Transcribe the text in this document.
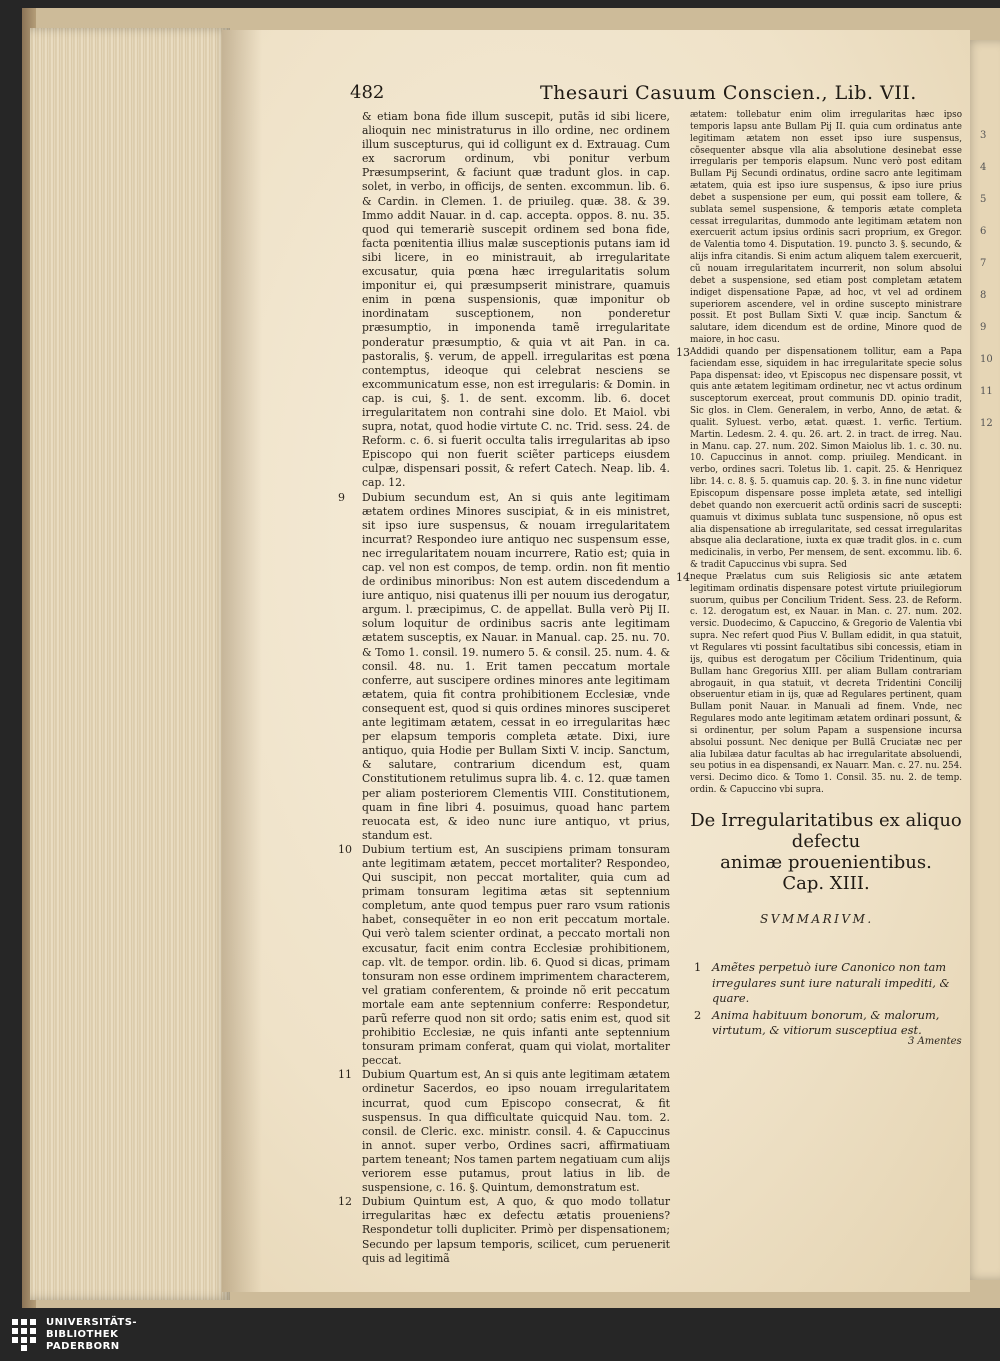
3
4
5
6
7
8
9
10
11
12
482	Thesauri Casuum Conscien., Lib. VII.

& etiam bona fide illum suscepit, putãs id sibi licere, alioquin nec ministraturus in illo ordine, nec ordinem illum suscepturus, qui id colligunt ex d. Extrauag. Cum ex sacrorum ordinum, vbi ponitur verbum Præsumpserint, & faciunt quæ tradunt glos. in cap. solet, in verbo, in officijs, de senten. excommun. lib. 6. & Cardin. in Clemen. 1. de priuileg. quæ. 38. & 39. Immo addit Nauar. in d. cap. accepta. oppos. 8. nu. 35. quod qui temerariè suscepit ordinem sed bona fide, facta pœnitentia illius malæ susceptionis putans iam id sibi licere, in eo ministrauit, ab irregularitate excusatur, quia pœna hæc irregularitatis solum imponitur ei, qui præsumpserit ministrare, quamuis enim in pœna suspensionis, quæ imponitur ob inordinatam susceptionem, non ponderetur præsumptio, in imponenda tamẽ irregularitate ponderatur præsumptio, & quia vt ait Pan. in ca. pastoralis, §. verum, de appell. irregularitas est pœna contemptus, ideoque qui celebrat nesciens se excommunicatum esse, non est irregularis: & Domin. in cap. is cui, §. 1. de sent. excomm. lib. 6. docet irregularitatem non contrahi sine dolo. Et Maiol. vbi supra, notat, quod hodie virtute C. nc. Trid. sess. 24. de Reform. c. 6. si fuerit occulta talis irregularitas ab ipso Episcopo qui non fuerit sciẽter particeps eiusdem culpæ, dispensari possit, & refert Catech. Neap. lib. 4. cap. 12.

9 Dubium secundum est, An si quis ante legitimam ætatem ordines Minores suscipiat, & in eis ministret, sit ipso iure suspensus, & nouam irregularitatem incurrat? Respondeo iure antiquo nec suspensum esse, nec irregularitatem nouam incurrere, Ratio est; quia in cap. vel non est compos, de temp. ordin. non fit mentio de ordinibus minoribus: Non est autem discedendum a iure antiquo, nisi quatenus illi per nouum ius derogatur, argum. l. præcipimus, C. de appellat. Bulla verò Pij II. solum loquitur de ordinibus sacris ante legitimam ætatem susceptis, ex Nauar. in Manual. cap. 25. nu. 70. & Tomo 1. consil. 19. numero 5. & consil. 25. num. 4. & consil. 48. nu. 1. Erit tamen peccatum mortale conferre, aut suscipere ordines minores ante legitimam ætatem, quia fit contra prohibitionem Ecclesiæ, vnde consequent est, quod si quis ordines minores susciperet ante legitimam ætatem, cessat in eo irregularitas hæc per elapsum temporis completa ætate. Dixi, iure antiquo, quia Hodie per Bullam Sixti V. incip. Sanctum, & salutare, contrarium dicendum est, quam Constitutionem retulimus supra lib. 4. c. 12. quæ tamen per aliam posteriorem Clementis VIII. Constitutionem, quam in fine libri 4. posuimus, quoad hanc partem reuocata est, & ideo nunc iure antiquo, vt prius, standum est.

10 Dubium tertium est, An suscipiens primam tonsuram ante legitimam ætatem, peccet mortaliter? Respondeo, Qui suscipit, non peccat mortaliter, quia cum ad primam tonsuram legitima ætas sit septennium completum, ante quod tempus puer raro vsum rationis habet, consequẽter in eo non erit peccatum mortale. Qui verò talem scienter ordinat, a peccato mortali non excusatur, facit enim contra Ecclesiæ prohibitionem, cap. vlt. de tempor. ordin. lib. 6. Quod si dicas, primam tonsuram non esse ordinem imprimentem characterem, vel gratiam conferentem, & proinde nõ erit peccatum mortale eam ante septennium conferre: Respondetur, parũ referre quod non sit ordo; satis enim est, quod sit prohibitio Ecclesiæ, ne quis infanti ante septennium tonsuram primam conferat, quam qui violat, mortaliter peccat.

11 Dubium Quartum est, An si quis ante legitimam ætatem ordinetur Sacerdos, eo ipso nouam irregularitatem incurrat, quod cum Episcopo consecrat, & fit suspensus. In qua difficultate quicquid Nau. tom. 2. consil. de Cleric. exc. ministr. consil. 4. & Capuccinus in annot. super verbo, Ordines sacri, affirmatiuam partem teneant; Nos tamen partem negatiuam cum alijs veriorem esse putamus, prout latius in lib. de suspensione, c. 16. §. Quintum, demonstratum est.

12 Dubium Quintum est, A quo, & quo modo tollatur irregularitas hæc ex defectu ætatis proueniens? Respondetur tolli dupliciter. Primò per dispensationem; Secundo per lapsum temporis, scilicet, cum peruenerit quis ad legitimã

ætatem: tollebatur enim olim irregularitas hæc ipso temporis lapsu ante Bullam Pij II. quia cum ordinatus ante legitimam ætatem non esset ipso iure suspensus, cõsequenter absque vlla alia absolutione desinebat esse irregularis per temporis elapsum. Nunc verò post editam Bullam Pij Secundi ordinatus, ordine sacro ante legitimam ætatem, quia est ipso iure suspensus, & ipso iure prius debet a suspensione per eum, qui possit eam tollere, & sublata semel suspensione, & temporis ætate completa cessat irregularitas, dummodo ante legitimam ætatem non exercuerit actum ipsius ordinis sacri proprium, ex Gregor. de Valentia tomo 4. Disputation. 19. puncto 3. §. secundo, & alijs infra citandis. Si enim actum aliquem talem exercuerit, cũ nouam irregularitatem incurrerit, non solum absolui debet a suspensione, sed etiam post completam ætatem indiget dispensatione Papæ, ad hoc, vt vel ad ordinem superiorem ascendere, vel in ordine suscepto ministrare possit. Et post Bullam Sixti V. quæ incip. Sanctum & salutare, idem dicendum est de ordine, Minore quod de maiore, in hoc casu.

13 Addidi quando per dispensationem tollitur, eam a Papa faciendam esse, siquidem in hac irregularitate specie solus Papa dispensat: ideo, vt Episcopus nec dispensare possit, vt quis ante ætatem legitimam ordinetur, nec vt actus ordinum susceptorum exerceat, prout communis DD. opinio tradit, Sic glos. in Clem. Generalem, in verbo, Anno, de ætat. & qualit. Syluest. verbo, ætat. quæst. 1. verfic. Tertium. Martin. Ledesm. 2. 4. qu. 26. art. 2. in tract. de irreg. Nau. in Manu. cap. 27. num. 202. Simon Maiolus lib. 1. c. 30. nu. 10. Capuccinus in annot. comp. priuileg. Mendicant. in verbo, ordines sacri. Toletus lib. 1. capit. 25. & Henriquez libr. 14. c. 8. §. 5. quamuis cap. 20. §. 3. in fine nunc videtur Episcopum dispensare posse impleta ætate, sed intelligi debet quando non exercuerit actũ ordinis sacri de suscepti: quamuis vt diximus sublata tunc suspensione, nõ opus est alia dispensatione ab irregularitate, sed cessat irregularitas absque alia declaratione, iuxta ex quæ tradit glos. in c. cum medicinalis, in verbo, Per mensem, de sent. excommu. lib. 6. & tradit Capuccinus vbi supra. Sed

14 neque Prælatus cum suis Religiosis sic ante ætatem legitimam ordinatis dispensare potest virtute priuilegiorum suorum, quibus per Concilium Trident. Sess. 23. de Reform. c. 12. derogatum est, ex Nauar. in Man. c. 27. num. 202. versic. Duodecimo, & Capuccino, & Gregorio de Valentia vbi supra. Nec refert quod Pius V. Bullam edidit, in qua statuit, vt Regulares vti possint facultatibus sibi concessis, etiam in ijs, quibus est derogatum per Cõcilium Tridentinum, quia Bullam hanc Gregorius XIII. per aliam Bullam contrariam abrogauit, in qua statuit, vt decreta Tridentini Concilij obseruentur etiam in ijs, quæ ad Regulares pertinent, quam Bullam ponit Nauar. in Manuali ad finem. Vnde, nec Regulares modo ante legitimam ætatem ordinari possunt, & si ordinentur, per solum Papam a suspensione incursa absolui possunt. Nec denique per Bullã Cruciatæ nec per alia Iubilæa datur facultas ab hac irregularitate absoluendi, seu potius in ea dispensandi, ex Nauarr. Man. c. 27. nu. 254. versi. Decimo dico. & Tomo 1. Consil. 35. nu. 2. de temp. ordin. & Capuccino vbi supra.

De Irregularitatibus ex aliquo defectu
animæ prouenientibus.
Cap. XIII.
SVMMARIVM.
1 Amẽtes perpetuò iure Canonico non tam irregulares sunt iure naturali impediti, & quare.
2 Anima habituum bonorum, & malorum, virtutum, & vitiorum susceptiua est.
3 Amentes
UNIVERSITÄTS-
BIBLIOTHEK
PADERBORN
